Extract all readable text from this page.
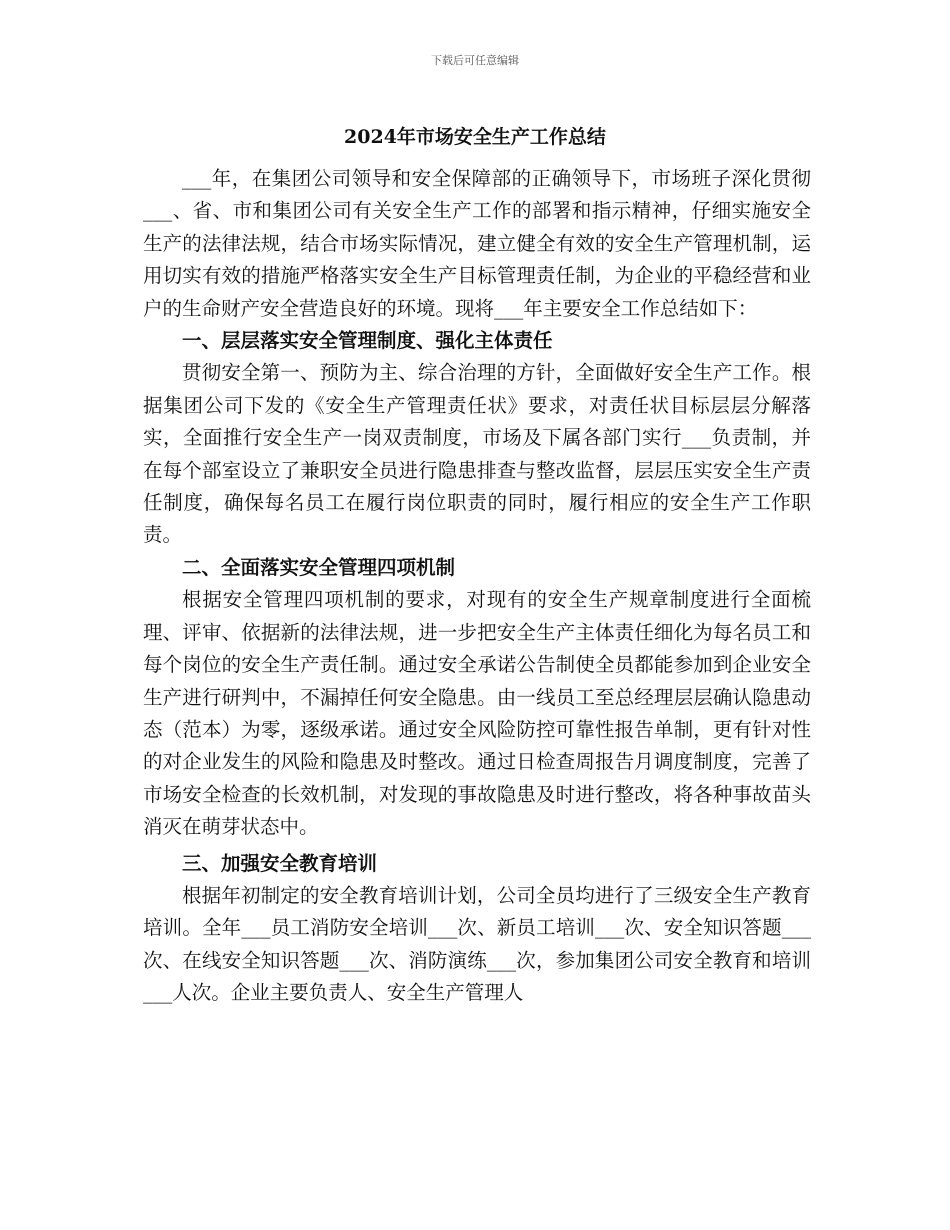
下载后可任意编辑
2024年市场安全生产工作总结

___年，在集团公司领导和安全保障部的正确领导下，市场班子深化贯彻___、省、市和集团公司有关安全生产工作的部署和指示精神，仔细实施安全生产的法律法规，结合市场实际情况，建立健全有效的安全生产管理机制，运用切实有效的措施严格落实安全生产目标管理责任制，为企业的平稳经营和业户的生命财产安全营造良好的环境。现将___年主要安全工作总结如下：

一、层层落实安全管理制度、强化主体责任

贯彻安全第一、预防为主、综合治理的方针，全面做好安全生产工作。根据集团公司下发的《安全生产管理责任状》要求，对责任状目标层层分解落实，全面推行安全生产一岗双责制度，市场及下属各部门实行___负责制，并在每个部室设立了兼职安全员进行隐患排查与整改监督，层层压实安全生产责任制度，确保每名员工在履行岗位职责的同时，履行相应的安全生产工作职责。

二、全面落实安全管理四项机制

根据安全管理四项机制的要求，对现有的安全生产规章制度进行全面梳理、评审、依据新的法律法规，进一步把安全生产主体责任细化为每名员工和每个岗位的安全生产责任制。通过安全承诺公告制使全员都能参加到企业安全生产进行研判中，不漏掉任何安全隐患。由一线员工至总经理层层确认隐患动态（范本）为零，逐级承诺。通过安全风险防控可靠性报告单制，更有针对性的对企业发生的风险和隐患及时整改。通过日检查周报告月调度制度，完善了市场安全检查的长效机制，对发现的事故隐患及时进行整改，将各种事故苗头消灭在萌芽状态中。

三、加强安全教育培训

根据年初制定的安全教育培训计划，公司全员均进行了三级安全生产教育培训。全年___员工消防安全培训___次、新员工培训___次、安全知识答题___次、在线安全知识答题___次、消防演练___次，参加集团公司安全教育和培训___人次。企业主要负责人、安全生产管理人
